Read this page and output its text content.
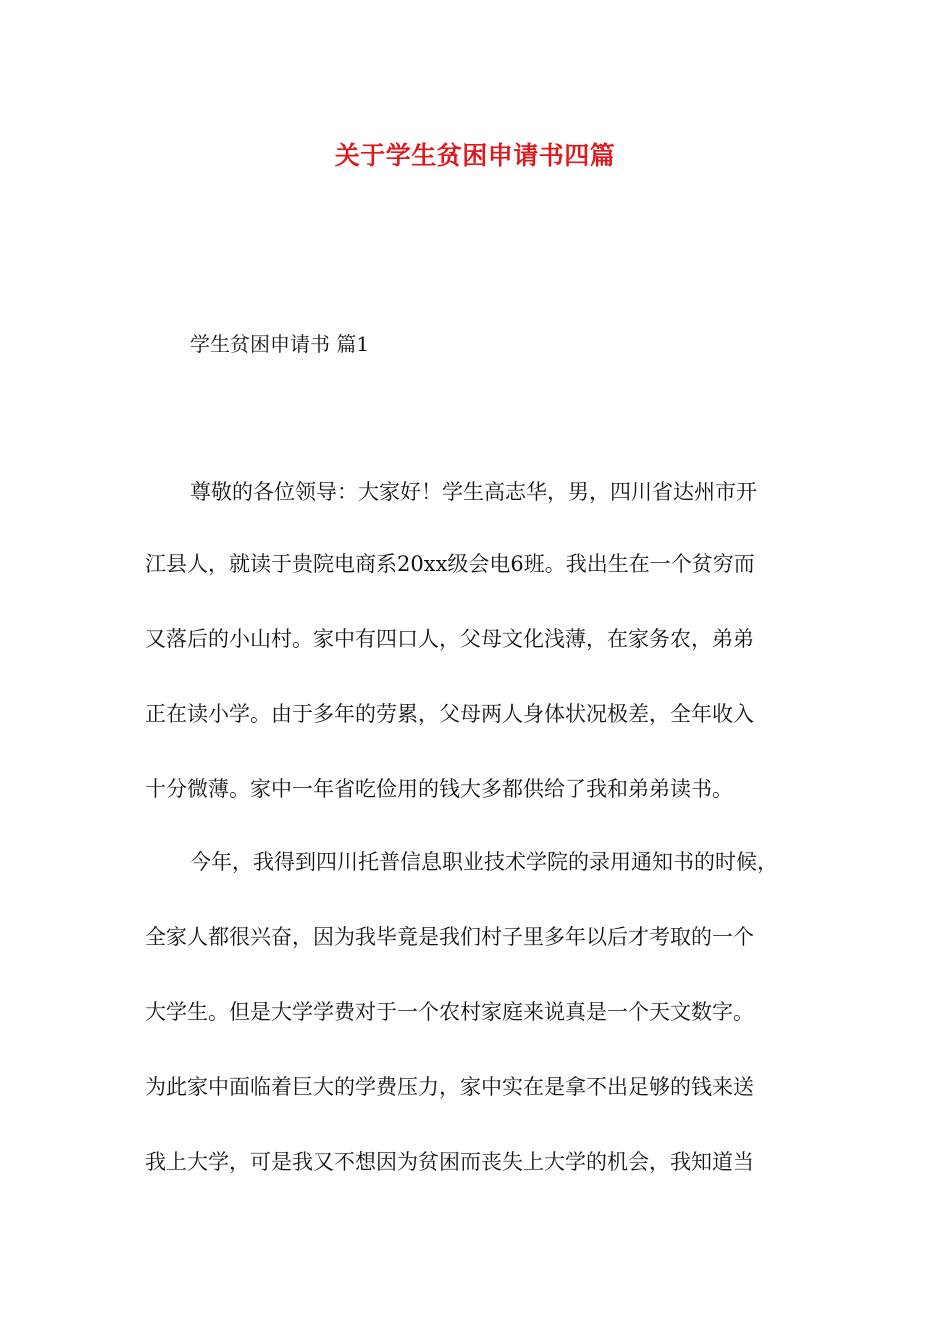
关于学生贫困申请书四篇
学生贫困申请书 篇1
尊敬的各位领导：大家好！学生高志华，男，四川省达州市开
江县人，就读于贵院电商系20xx级会电6班。我出生在一个贫穷而
又落后的小山村。家中有四口人，父母文化浅薄，在家务农，弟弟
正在读小学。由于多年的劳累，父母两人身体状况极差，全年收入
十分微薄。家中一年省吃俭用的钱大多都供给了我和弟弟读书。
今年，我得到四川托普信息职业技术学院的录用通知书的时候，
全家人都很兴奋，因为我毕竟是我们村子里多年以后才考取的一个
大学生。但是大学学费对于一个农村家庭来说真是一个天文数字。
为此家中面临着巨大的学费压力，家中实在是拿不出足够的钱来送
我上大学，可是我又不想因为贫困而丧失上大学的机会，我知道当
